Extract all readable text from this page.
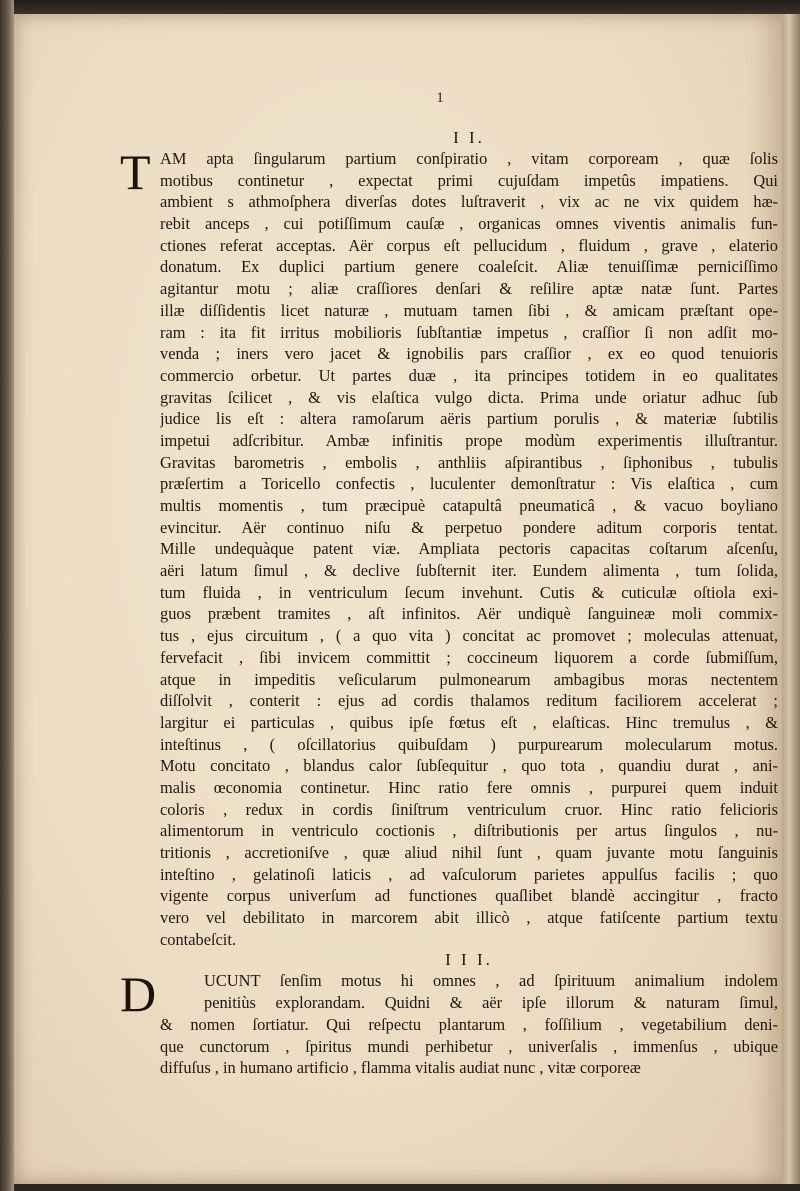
1
I I.
T AM apta ſingularum partium conſpiratio , vitam corpoream , quæ ſolis
motibus continetur , expectat primi cujuſdam impetûs impatiens. Qui
ambient s athmoſphera diverſas dotes luſtraverit , vix ac ne vix quidem hæ-
rebit anceps , cui potiſſimum cauſæ , organicas omnes viventis animalis fun-
ctiones referat acceptas. Aër corpus eſt pellucidum , fluidum , grave , elaterio
donatum. Ex duplici partium genere coaleſcit. Aliæ tenuiſſimæ perniciſſimo
agitantur motu ; aliæ craſſiores denſari & reſilire aptæ natæ ſunt. Partes
illæ diſſidentis licet naturæ , mutuam tamen ſibi , & amicam præſtant ope-
ram : ita fit irritus mobilioris ſubſtantiæ impetus , craſſior ſi non adſit mo-
venda ; iners vero jacet & ignobilis pars craſſior , ex eo quod tenuioris
commercio orbetur. Ut partes duæ , ita principes totidem in eo qualitates
gravitas ſcilicet , & vis elaſtica vulgo dicta. Prima unde oriatur adhuc ſub
judice lis eſt : altera ramoſarum aëris partium porulis , & materiæ ſubtilis
impetui adſcribitur. Ambæ infinitis prope modùm experimentis illuſtrantur.
Gravitas barometris , embolis , anthliis aſpirantibus , ſiphonibus , tubulis
præſertim a Toricello confectis , luculenter demonſtratur : Vis elaſtica , cum
multis momentis , tum præcipuè catapultâ pneumaticâ , & vacuo boyliano
evincitur. Aër continuo niſu & perpetuo pondere aditum corporis tentat.
Mille undequàque patent viæ. Ampliata pectoris capacitas coſtarum aſcenſu,
aëri latum ſimul , & declive ſubſternit iter. Eundem alimenta , tum ſolida,
tum fluida , in ventriculum ſecum invehunt. Cutis & cuticulæ oſtiola exi-
guos præbent tramites , aſt infinitos. Aër undiquè ſanguineæ moli commix-
tus , ejus circuitum , ( a quo vita ) concitat ac promovet ; moleculas attenuat,
fervefacit , ſibi invicem committit ; coccineum liquorem a corde ſubmiſſum,
atque in impeditis veſicularum pulmonearum ambagibus moras nectentem
diſſolvit , conterit : ejus ad cordis thalamos reditum faciliorem accelerat ;
largitur ei particulas , quibus ipſe fœtus eſt , elaſticas. Hinc tremulus , &
inteſtinus , ( oſcillatorius quibuſdam ) purpurearum molecularum motus.
Motu concitato , blandus calor ſubſequitur , quo tota , quandiu durat , ani-
malis œconomia continetur. Hinc ratio fere omnis , purpurei quem induit
coloris , redux in cordis ſiniſtrum ventriculum cruor. Hinc ratio felicioris
alimentorum in ventriculo coctionis , diſtributionis per artus ſingulos , nu-
tritionis , accretioniſve , quæ aliud nihil ſunt , quam juvante motu ſanguinis
inteſtino , gelatinoſi laticis , ad vaſculorum parietes appulſus facilis ; quo
vigente corpus univerſum ad functiones quaſlibet blandè accingitur , fracto
vero vel debilitato in marcorem abit illicò , atque fatiſcente partium textu
contabeſcit.
I I I.
D	UCUNT ſenſim motus hi omnes , ad ſpirituum animalium indolem
penitiùs explorandam. Quidni & aër ipſe illorum & naturam ſimul,
& nomen ſortiatur. Qui reſpectu plantarum , foſſilium , vegetabilium deni-
que cunctorum , ſpiritus mundi perhibetur , univerſalis , immenſus , ubique
diffuſus , in humano artificio , flamma vitalis audiat nunc , vitæ corporeæ
